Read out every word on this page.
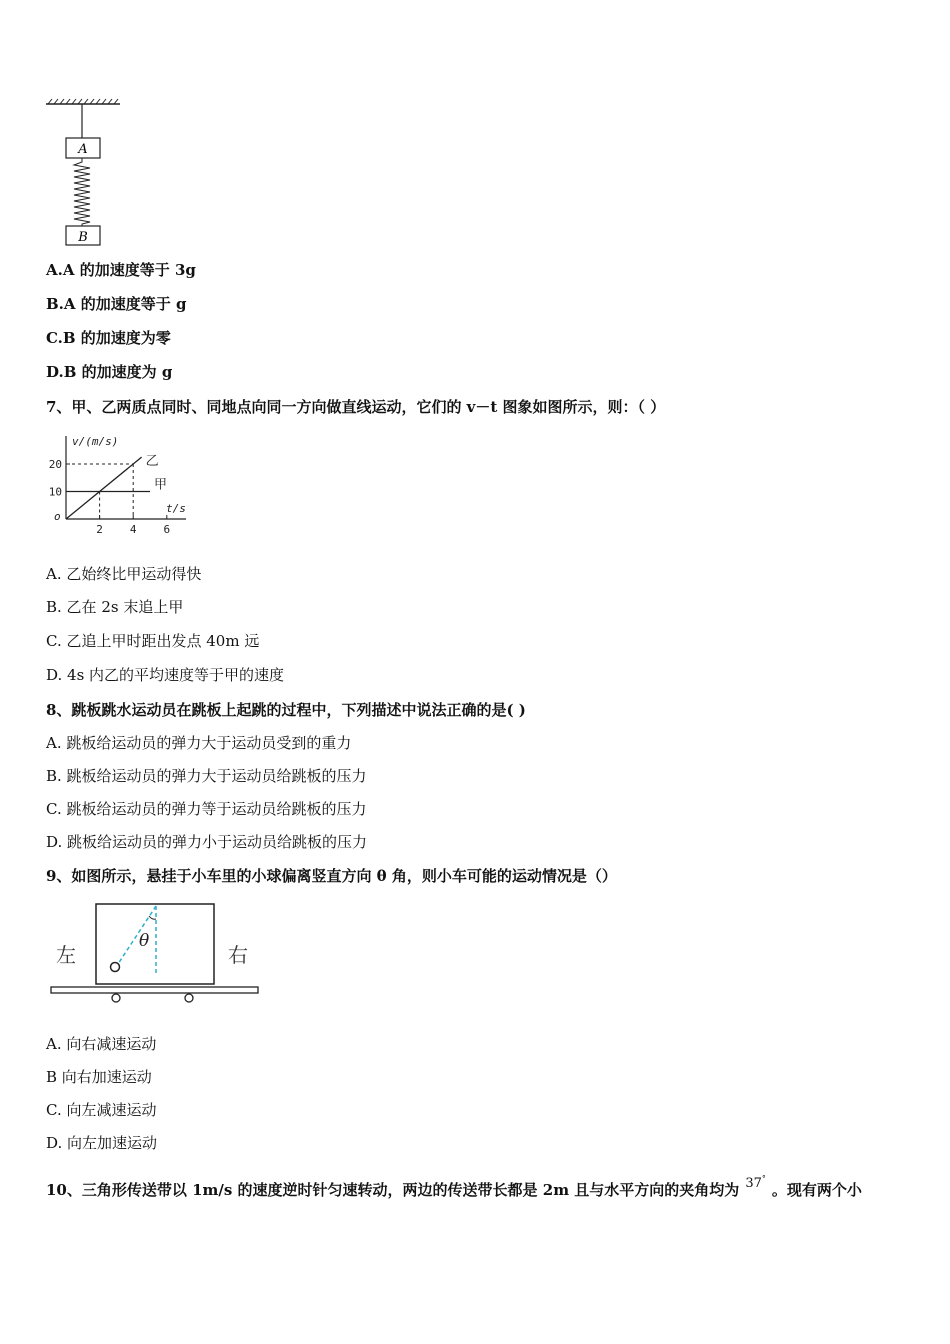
A
B
A.A 的加速度等于 3g
B.A 的加速度等于 g
C.B 的加速度为零
D.B 的加速度为 g
7、甲、乙两质点同时、同地点向同一方向做直线运动，它们的 v－t 图象如图所示，则：（ ）
v/(m/s)
t/s
o
2 4 6
10
20	乙
甲
A. 乙始终比甲运动得快
B. 乙在 2s 末追上甲
C. 乙追上甲时距出发点 40m 远
D. 4s 内乙的平均速度等于甲的速度
8、跳板跳水运动员在跳板上起跳的过程中，下列描述中说法正确的是( )
A. 跳板给运动员的弹力大于运动员受到的重力
B. 跳板给运动员的弹力大于运动员给跳板的压力
C. 跳板给运动员的弹力等于运动员给跳板的压力
D. 跳板给运动员的弹力小于运动员给跳板的压力
9、如图所示，悬挂于小车里的小球偏离竖直方向 θ 角，则小车可能的运动情况是（）
左	右
θ
A. 向右减速运动
B 向右加速运动
C. 向左减速运动
D. 向左加速运动
10、三角形传送带以 1m/s 的速度逆时针匀速转动，两边的传送带长都是 2m 且与水平方向的夹角均为 37°。现有两个小
